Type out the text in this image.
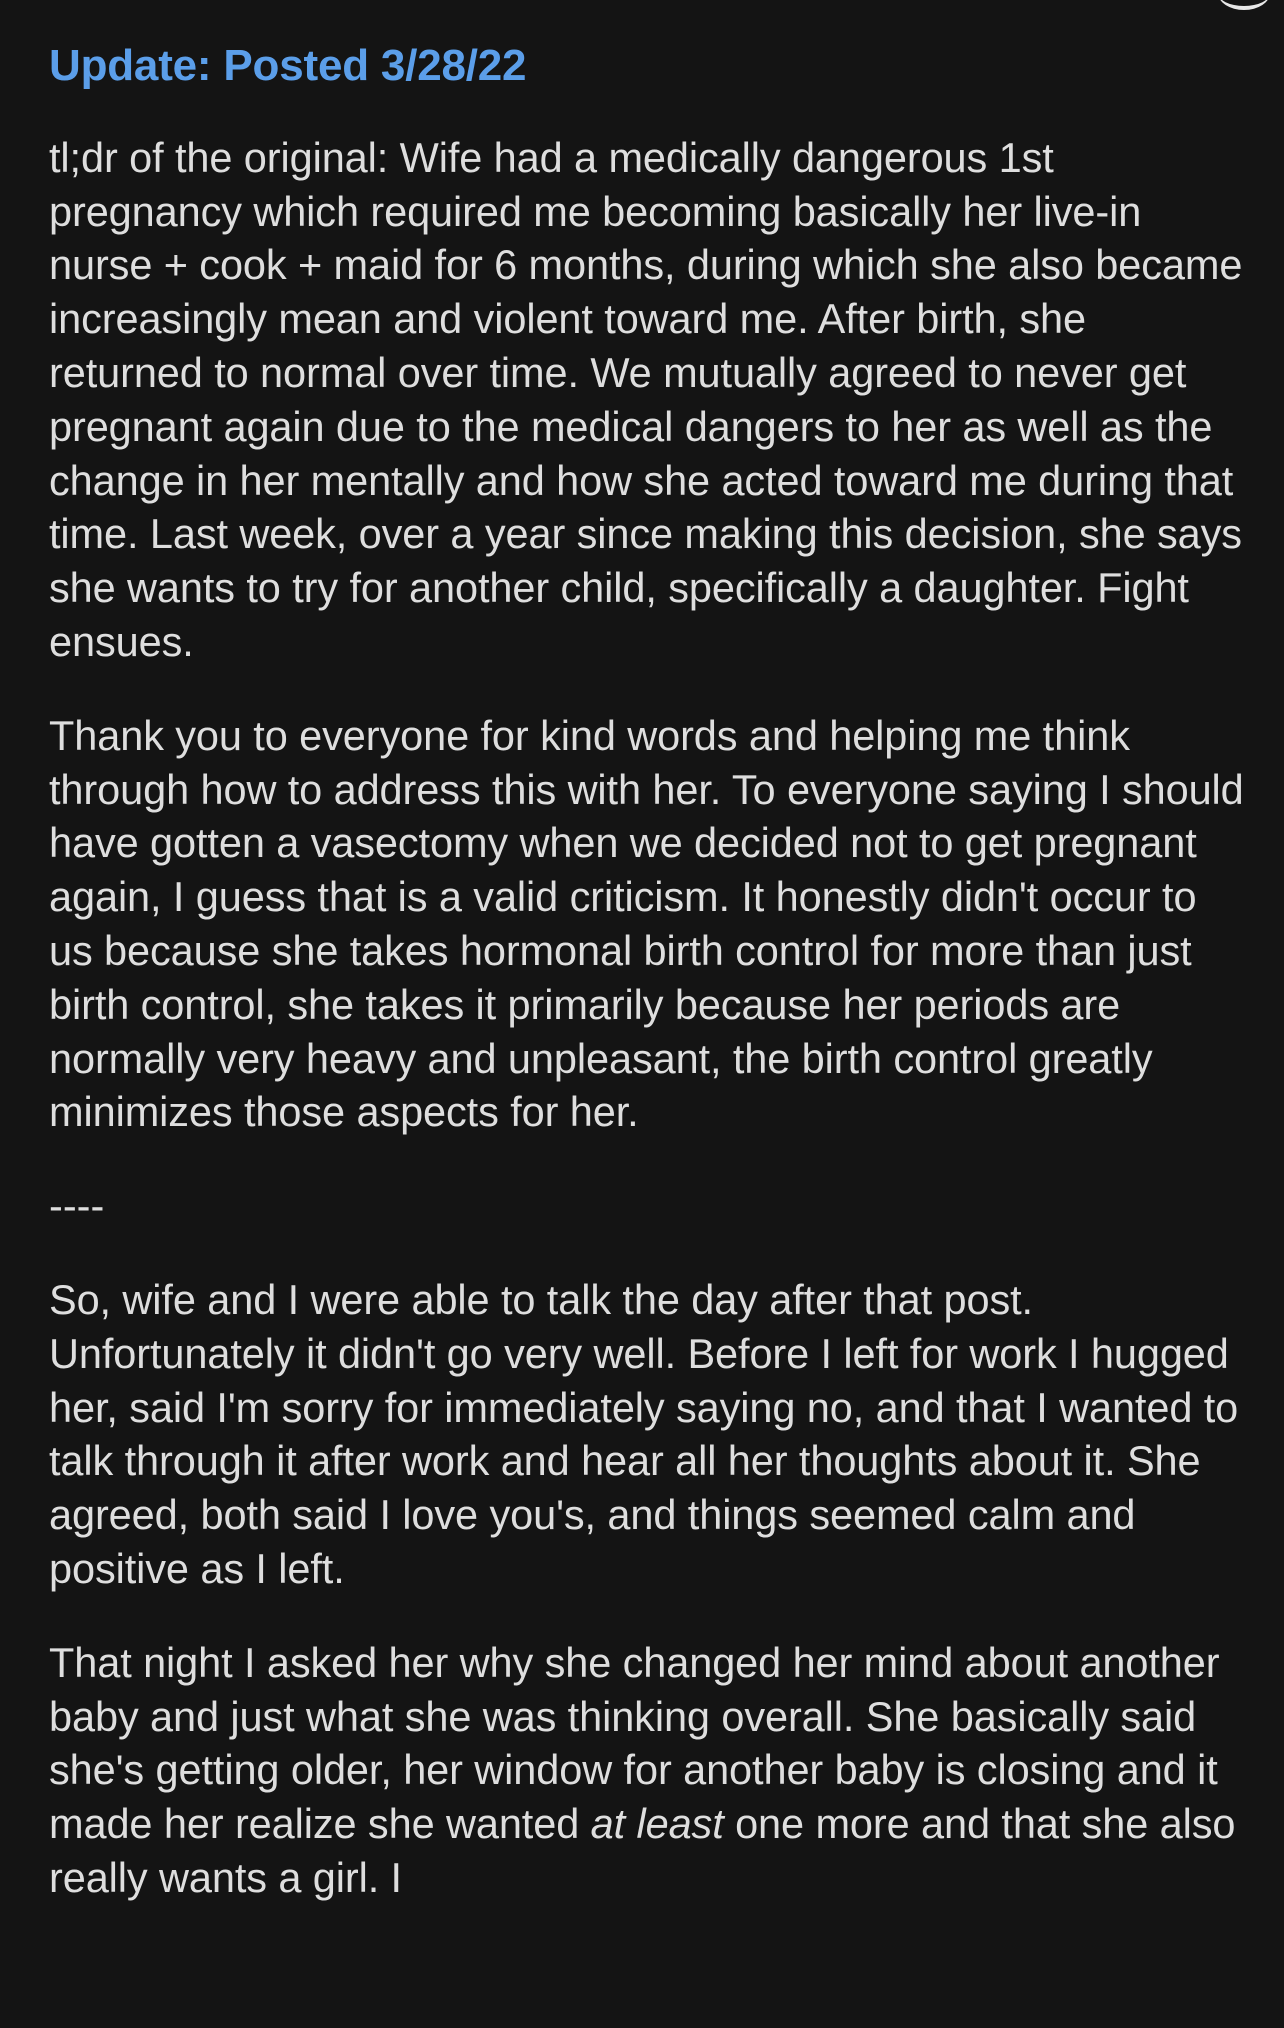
Update: Posted 3/28/22

tl;dr of the original: Wife had a medically dangerous 1st pregnancy which required me becoming basically her live-in nurse + cook + maid for 6 months, during which she also became increasingly mean and violent toward me. After birth, she returned to normal over time. We mutually agreed to never get pregnant again due to the medical dangers to her as well as the change in her mentally and how she acted toward me during that time. Last week, over a year since making this decision, she says she wants to try for another child, specifically a daughter. Fight ensues.

Thank you to everyone for kind words and helping me think through how to address this with her. To everyone saying I should have gotten a vasectomy when we decided not to get pregnant again, I guess that is a valid criticism. It honestly didn't occur to us because she takes hormonal birth control for more than just birth control, she takes it primarily because her periods are normally very heavy and unpleasant, the birth control greatly minimizes those aspects for her.

----

So, wife and I were able to talk the day after that post. Unfortunately it didn't go very well. Before I left for work I hugged her, said I'm sorry for immediately saying no, and that I wanted to talk through it after work and hear all her thoughts about it. She agreed, both said I love you's, and things seemed calm and positive as I left.

That night I asked her why she changed her mind about another baby and just what she was thinking overall. She basically said she's getting older, her window for another baby is closing and it made her realize she wanted at least one more and that she also really wants a girl. I
